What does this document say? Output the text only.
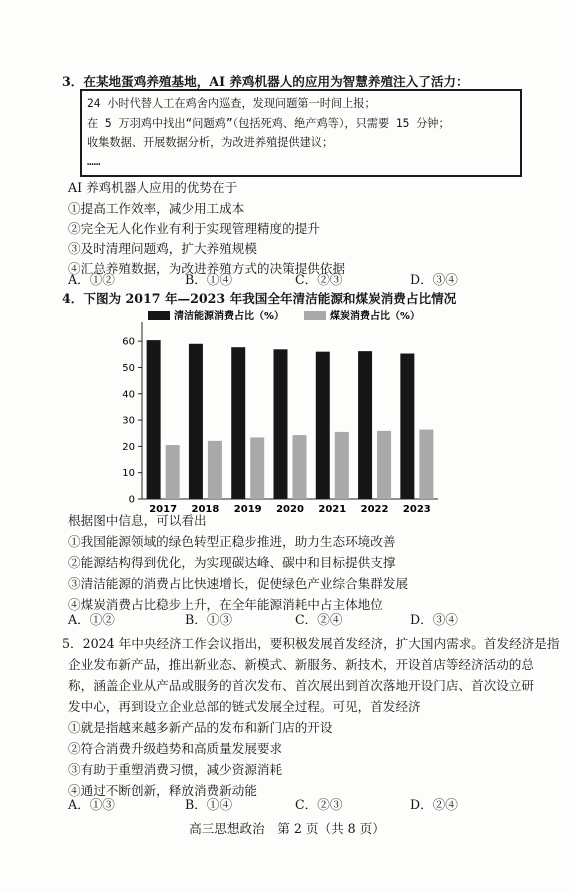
3．在某地蛋鸡养殖基地，AI 养鸡机器人的应用为智慧养殖注入了活力：
24 小时代替人工在鸡舍内巡查，发现问题第一时间上报；
在 5 万羽鸡中找出“问题鸡”（包括死鸡、绝产鸡等），只需要 15 分钟；
收集数据、开展数据分析，为改进养殖提供建议；
……
AI 养鸡机器人应用的优势在于
①提高工作效率，减少用工成本
②完全无人化作业有利于实现管理精度的提升
③及时清理问题鸡，扩大养殖规模
④汇总养殖数据，为改进养殖方式的决策提供依据
A．①②	B．①④	C．②③	D．③④
4．下图为 2017 年—2023 年我国全年清洁能源和煤炭消费占比情况
清洁能源消费占比（%）	煤炭消费占比（%）
0
10
20
30
40
50
60
2017 2018 2019 2020 2021 2022 2023
根据图中信息，可以看出
①我国能源领域的绿色转型正稳步推进，助力生态环境改善
②能源结构得到优化，为实现碳达峰、碳中和目标提供支撑
③清洁能源的消费占比快速增长，促使绿色产业综合集群发展
④煤炭消费占比稳步上升，在全年能源消耗中占主体地位
A．①②	B．①③	C．②④	D．③④
5．2024 年中央经济工作会议指出，要积极发展首发经济，扩大国内需求。首发经济是指
企业发布新产品，推出新业态、新模式、新服务、新技术，开设首店等经济活动的总
称，涵盖企业从产品或服务的首次发布、首次展出到首次落地开设门店、首次设立研
发中心，再到设立企业总部的链式发展全过程。可见，首发经济
①就是指越来越多新产品的发布和新门店的开设
②符合消费升级趋势和高质量发展要求
③有助于重塑消费习惯，减少资源消耗
④通过不断创新，释放消费新动能
A．①③	B．①④	C．②③	D．②④
高三思想政治　第 2 页（共 8 页）
